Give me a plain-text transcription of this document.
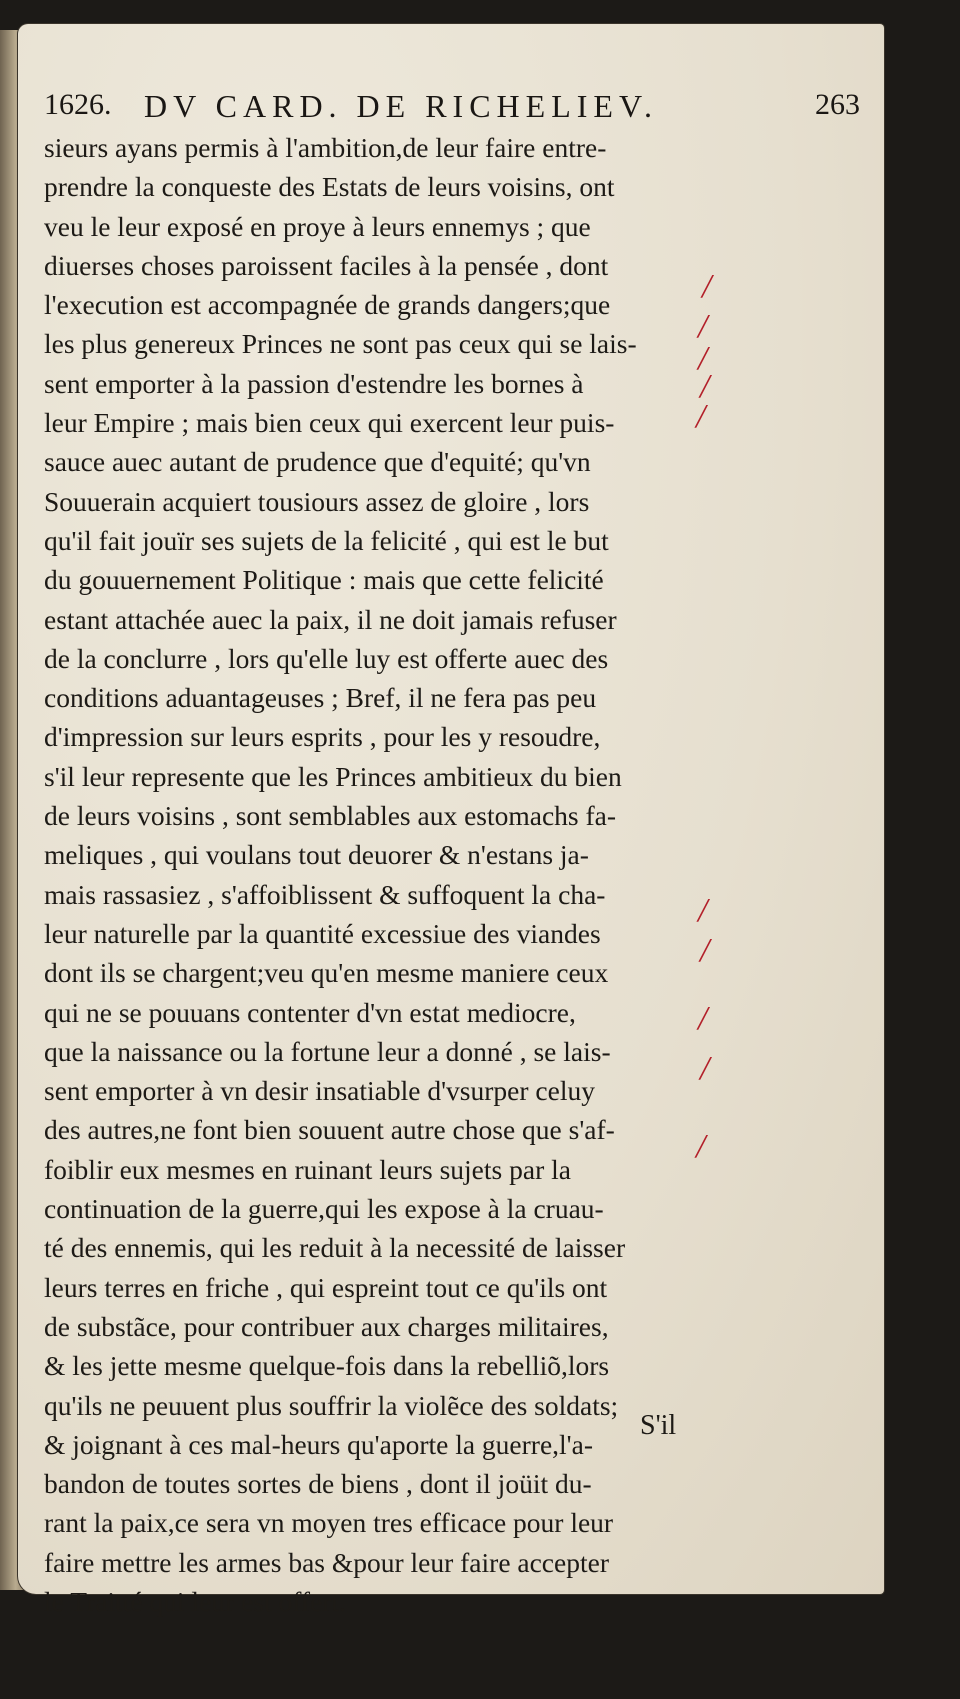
1626. DV CARD. DE RICHELIEV.	263
sieurs ayans permis à l'ambition,de leur faire entre-
prendre la conqueste des Estats de leurs voisins, ont
veu le leur exposé en proye à leurs ennemys ; que
diuerses choses paroissent faciles à la pensée , dont
l'execution est accompagnée de grands dangers;que
les plus genereux Princes ne sont pas ceux qui se lais-
sent emporter à la passion d'estendre les bornes à
leur Empire ; mais bien ceux qui exercent leur puis-
sauce auec autant de prudence que d'equité; qu'vn
Souuerain acquiert tousiours assez de gloire , lors
qu'il fait jouïr ses sujets de la felicité , qui est le but
du gouuernement Politique : mais que cette felicité
estant attachée auec la paix, il ne doit jamais refuser
de la conclurre , lors qu'elle luy est offerte auec des
conditions aduantageuses ; Bref, il ne fera pas peu
d'impression sur leurs esprits , pour les y resoudre,
s'il leur represente que les Princes ambitieux du bien
de leurs voisins , sont semblables aux estomachs fa-
meliques , qui voulans tout deuorer & n'estans ja-
mais rassasiez , s'affoiblissent & suffoquent la cha-
leur naturelle par la quantité excessiue des viandes
dont ils se chargent;veu qu'en mesme maniere ceux
qui ne se pouuans contenter d'vn estat mediocre,
que la naissance ou la fortune leur a donné , se lais-
sent emporter à vn desir insatiable d'vsurper celuy
des autres,ne font bien souuent autre chose que s'af-
foiblir eux mesmes en ruinant leurs sujets par la
continuation de la guerre,qui les expose à la cruau-
té des ennemis, qui les reduit à la necessité de laisser
leurs terres en friche , qui espreint tout ce qu'ils ont
de substãce, pour contribuer aux charges militaires,
& les jette mesme quelque-fois dans la rebelliõ,lors
qu'ils ne peuuent plus souffrir la violẽce des soldats;
& joignant à ces mal-heurs qu'aporte la guerre,l'a-
bandon de toutes sortes de biens , dont il joüit du-
rant la paix,ce sera vn moyen tres efficace pour leur
faire mettre les armes bas &pour leur faire accepter
le Traitté qui leur est offert.
S'il
/
/
/
/
/
/
/
/
/
/
